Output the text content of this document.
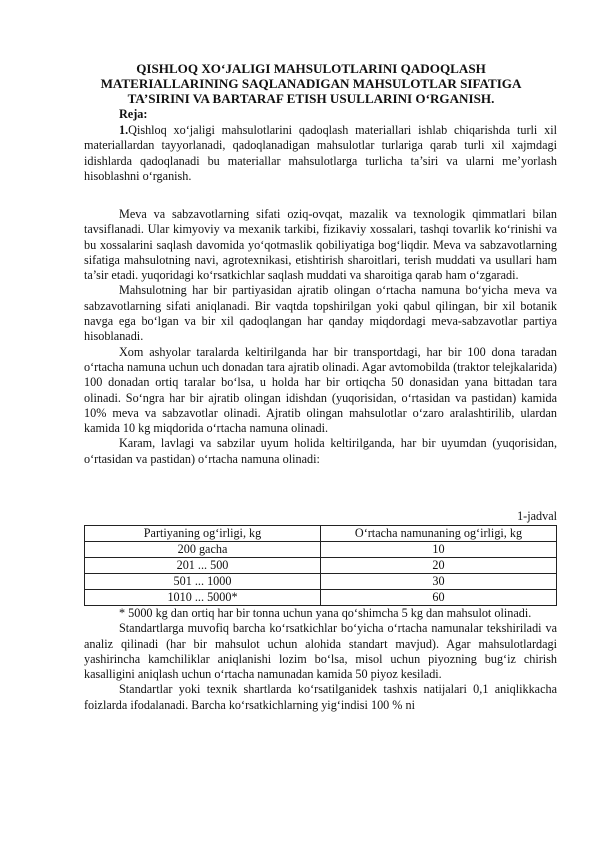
QISHLOQ XO‘JALIGI MAHSULOTLARINI QADOQLASH MATERIALLARINING SAQLANADIGAN MAHSULOTLAR SIFATIGA TA’SIRINI VA BARTARAF ETISH USULLARINI O‘RGANISH.
Reja:

1.Qishloq xo‘jaligi mahsulotlarini qadoqlash materiallari ishlab chiqarishda turli xil materiallardan tayyorlanadi, qadoqlanadigan mahsulotlar turlariga qarab turli xil xajmdagi idishlarda qadoqlanadi bu materiallar mahsulotlarga turlicha ta’siri va ularni me’yorlash hisoblashni o‘rganish.

Meva va sabzavotlarning sifati oziq-ovqat, mazalik va texnologik qimmatlari bilan tavsiflanadi. Ular kimyoviy va mexanik tarkibi, fizikaviy xossalari, tashqi tovarlik ko‘rinishi va bu xossalarini saqlash davomida yo‘qotmaslik qobiliyatiga bog‘liqdir. Meva va sabzavotlarning sifatiga mahsulotning navi, agrotexnikasi, etishtirish sharoitlari, terish muddati va usullari ham ta’sir etadi. yuqoridagi ko‘rsatkichlar saqlash muddati va sharoitiga qarab ham o‘zgaradi.

Mahsulotning har bir partiyasidan ajratib olingan o‘rtacha namuna bo‘yicha meva va sabzavotlarning sifati aniqlanadi. Bir vaqtda topshirilgan yoki qabul qilingan, bir xil botanik navga ega bo‘lgan va bir xil qadoqlangan har qanday miqdordagi meva-sabzavotlar partiya hisoblanadi.

Xom ashyolar taralarda keltirilganda har bir transportdagi, har bir 100 dona taradan o‘rtacha namuna uchun uch donadan tara ajratib olinadi. Agar avtomobilda (traktor telejkalarida) 100 donadan ortiq taralar bo‘lsa, u holda har bir ortiqcha 50 donasidan yana bittadan tara olinadi. So‘ngra har bir ajratib olingan idishdan (yuqorisidan, o‘rtasidan va pastidan) kamida 10% meva va sabzavotlar olinadi. Ajratib olingan mahsulotlar o‘zaro aralashtirilib, ulardan kamida 10 kg miqdorida o‘rtacha namuna olinadi.

Karam, lavlagi va sabzilar uyum holida keltirilganda, har bir uyumdan (yuqorisidan, o‘rtasidan va pastidan) o‘rtacha namuna olinadi:

1-jadval
Partiyaning og‘irligi, kg	O‘rtacha namunaning og‘irligi, kg
200 gacha	10
201 ... 500	20
501 ... 1000	30
1010 ... 5000*	60

* 5000 kg dan ortiq har bir tonna uchun yana qo‘shimcha 5 kg dan mahsulot olinadi.

Standartlarga muvofiq barcha ko‘rsatkichlar bo‘yicha o‘rtacha namunalar tekshiriladi va analiz qilinadi (har bir mahsulot uchun alohida standart mavjud). Agar mahsulotlardagi yashirincha kamchiliklar aniqlanishi lozim bo‘lsa, misol uchun piyozning bug‘iz chirish kasalligini aniqlash uchun o‘rtacha namunadan kamida 50 piyoz kesiladi.

Standartlar yoki texnik shartlarda ko‘rsatilganidek tashxis natijalari 0,1 aniqlikkacha foizlarda ifodalanadi. Barcha ko‘rsatkichlarning yig‘indisi 100 % ni
